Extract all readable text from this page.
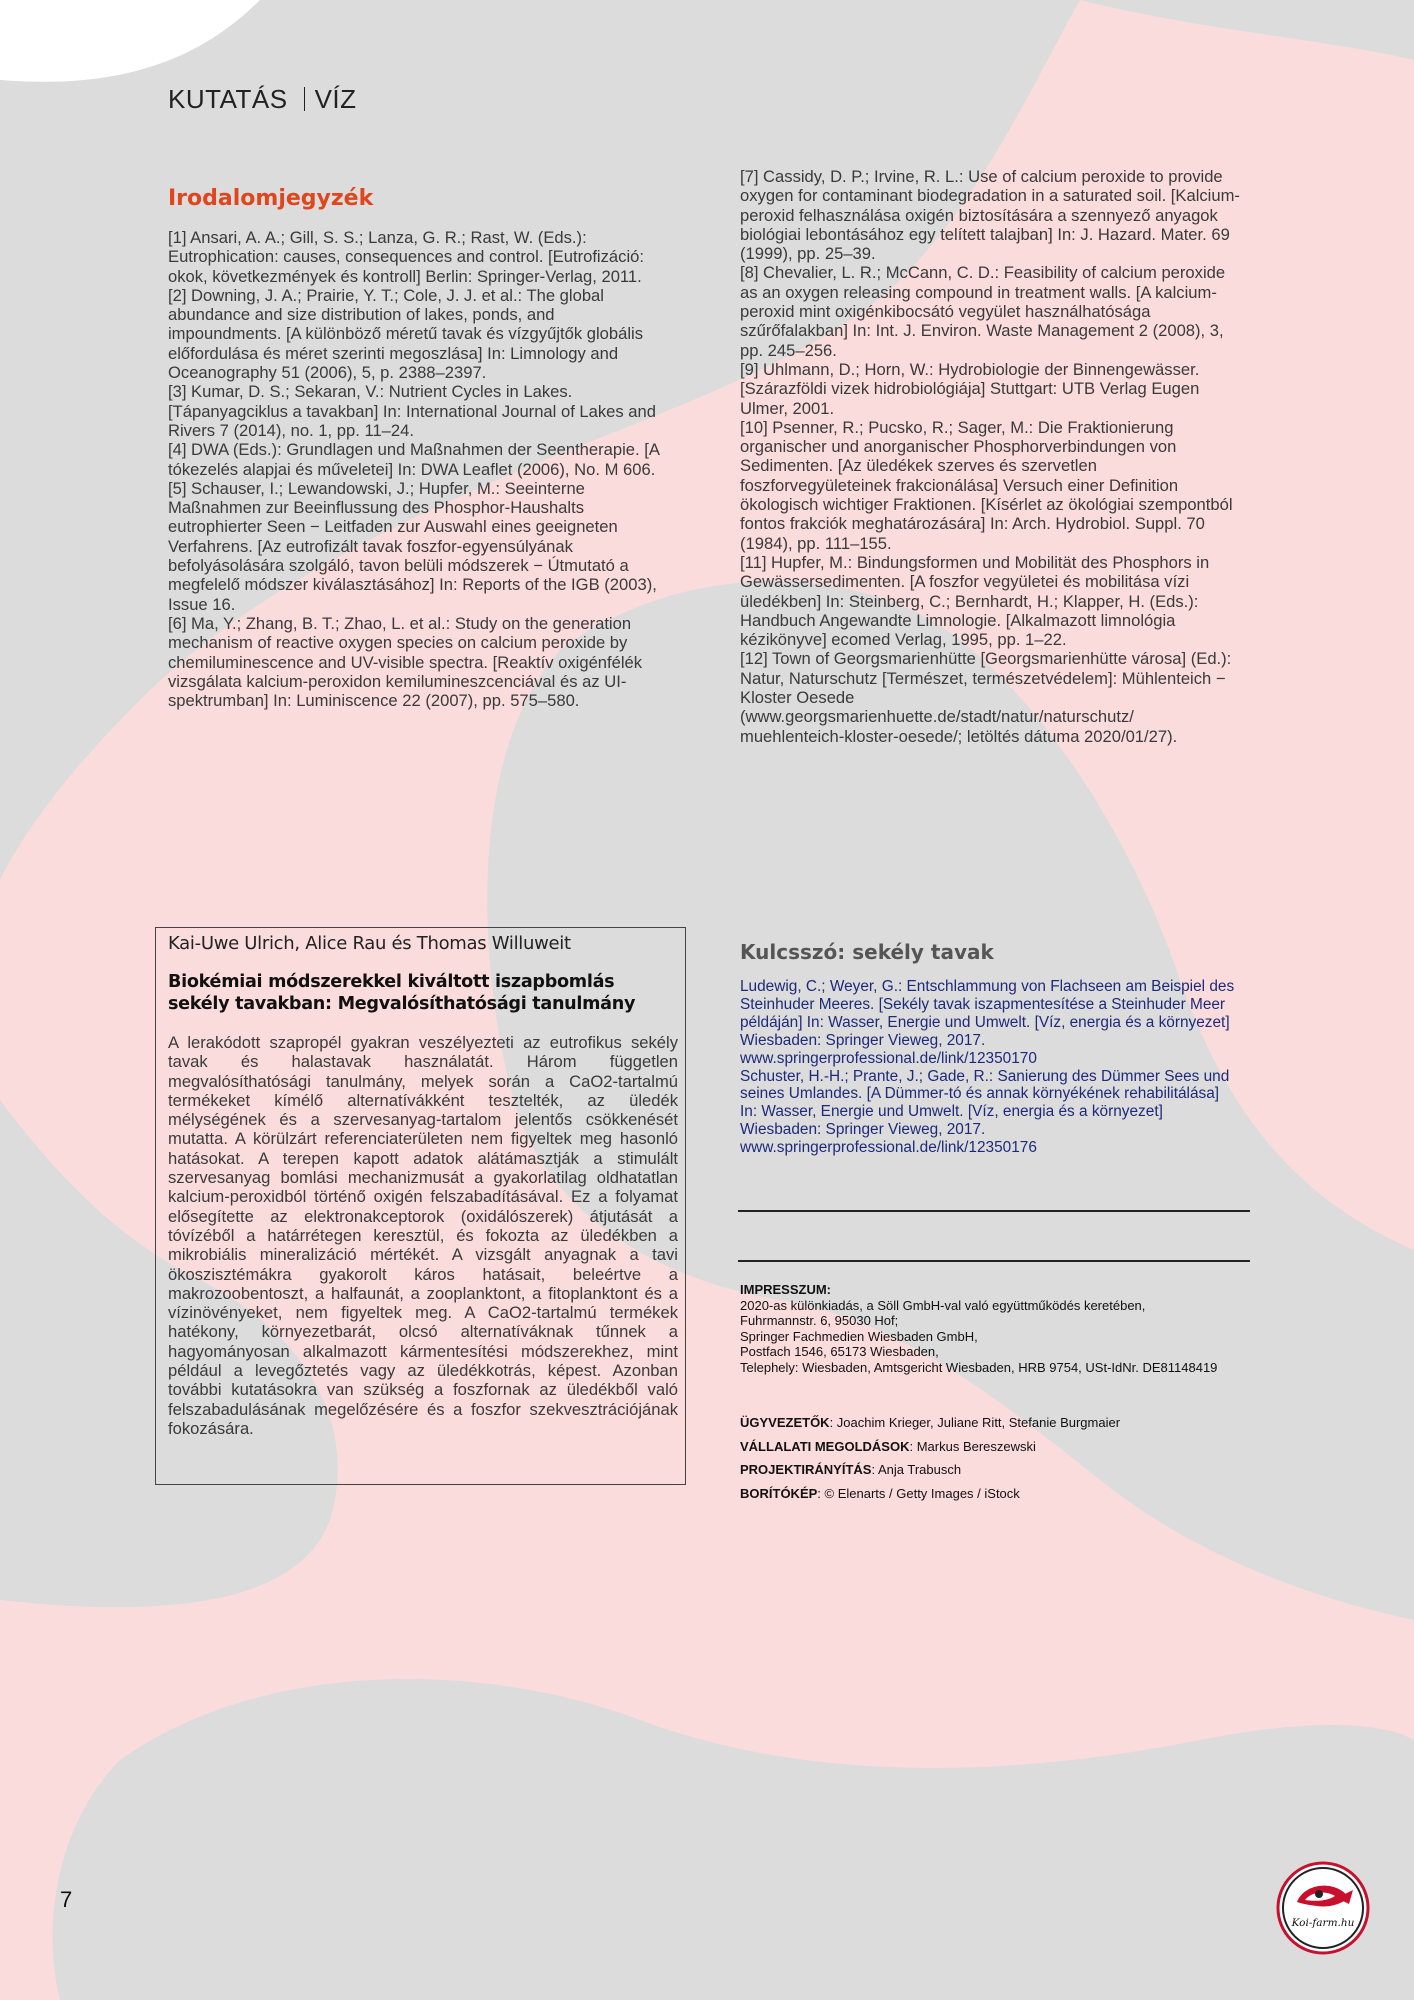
KUTATÁS VÍZ
Irodalomjegyzék

[1] Ansari, A. A.; Gill, S. S.; Lanza, G. R.; Rast, W. (Eds.): Eutrophication: causes, consequences and control. [Eutrofizáció: okok, következmények és kontroll] Berlin: Springer-Verlag, 2011.

[2] Downing, J. A.; Prairie, Y. T.; Cole, J. J. et al.: The global abundance and size distribution of lakes, ponds, and impoundments. [A különböző méretű tavak és vízgyűjtők globális előfordulása és méret szerinti megoszlása] In: Limnology and Oceanography 51 (2006), 5, p. 2388–2397.

[3] Kumar, D. S.; Sekaran, V.: Nutrient Cycles in Lakes. [Tápanyagciklus a tavakban] In: International Journal of Lakes and Rivers 7 (2014), no. 1, pp. 11–24.

[4] DWA (Eds.): Grundlagen und Maßnahmen der Seentherapie. [A tókezelés alapjai és műveletei] In: DWA Leaflet (2006), No. M 606.

[5] Schauser, I.; Lewandowski, J.; Hupfer, M.: Seeinterne Maßnahmen zur Beeinflussung des Phosphor-Haushalts eutrophierter Seen − Leitfaden zur Auswahl eines geeigneten Verfahrens. [Az eutrofizált tavak foszfor-egyensúlyának befolyásolására szolgáló, tavon belüli módszerek − Útmutató a megfelelő módszer kiválasztásához] In: Reports of the IGB (2003), Issue 16.

[6] Ma, Y.; Zhang, B. T.; Zhao, L. et al.: Study on the generation mechanism of reactive oxygen species on calcium peroxide by chemiluminescence and UV-visible spectra. [Reaktív oxigénfélék vizsgálata kalcium-peroxidon kemilumineszcenciával és az UI-spektrumban] In: Luminiscence 22 (2007), pp. 575–580.

[7] Cassidy, D. P.; Irvine, R. L.: Use of calcium peroxide to provide oxygen for contaminant biodegradation in a saturated soil. [Kalcium-peroxid felhasználása oxigén biztosítására a szennyező anyagok biológiai lebontásához egy telített talajban] In: J. Hazard. Mater. 69 (1999), pp. 25–39.

[8] Chevalier, L. R.; McCann, C. D.: Feasibility of calcium peroxide as an oxygen releasing compound in treatment walls. [A kalcium-peroxid mint oxigénkibocsátó vegyület használhatósága szűrőfalakban] In: Int. J. Environ. Waste Management 2 (2008), 3, pp. 245–256.

[9] Uhlmann, D.; Horn, W.: Hydrobiologie der Binnengewässer. [Szárazföldi vizek hidrobiológiája] Stuttgart: UTB Verlag Eugen Ulmer, 2001.

[10] Psenner, R.; Pucsko, R.; Sager, M.: Die Fraktionierung organischer und anorganischer Phosphorverbindungen von Sedimenten. [Az üledékek szerves és szervetlen foszforvegyületeinek frakcionálása] Versuch einer Definition ökologisch wichtiger Fraktionen. [Kísérlet az ökológiai szempontból fontos frakciók meghatározására] In: Arch. Hydrobiol. Suppl. 70 (1984), pp. 111–155.

[11] Hupfer, M.: Bindungsformen und Mobilität des Phosphors in Gewässersedimenten. [A foszfor vegyületei és mobilitása vízi üledékben] In: Steinberg, C.; Bernhardt, H.; Klapper, H. (Eds.): Handbuch Angewandte Limnologie. [Alkalmazott limnológia kézikönyve] ecomed Verlag, 1995, pp. 1–22.

[12] Town of Georgsmarienhütte [Georgsmarienhütte városa] (Ed.): Natur, Naturschutz [Természet, természetvédelem]: Mühlenteich − Kloster Oesede (www.georgsmarienhuette.de/stadt/natur/naturschutz/ muehlenteich-kloster-oesede/; letöltés dátuma 2020/01/27).

Kai-Uwe Ulrich, Alice Rau és Thomas Willuweit
Biokémiai módszerekkel kiváltott iszapbomlás sekély tavakban: Megvalósíthatósági tanulmány

A lerakódott szapropél gyakran veszélyezteti az eutrofikus sekély tavak és halastavak használatát. Három független megvalósíthatósági tanulmány, melyek során a CaO2-tartalmú termékeket kímélő alternatívákként tesztelték, az üledék mélységének és a szervesanyag-tartalom jelentős csökkenését mutatta. A körülzárt referenciaterületen nem figyeltek meg hasonló hatásokat. A terepen kapott adatok alátámasztják a stimulált szervesanyag bomlási mechanizmusát a gyakorlatilag oldhatatlan kalcium-peroxidból történő oxigén felszabadításával. Ez a folyamat elősegítette az elektronakceptorok (oxidálószerek) átjutását a tóvízéből a határrétegen keresztül, és fokozta az üledékben a mikrobiális mineralizáció mértékét. A vizsgált anyagnak a tavi ökoszisztémákra gyakorolt káros hatásait, beleértve a makrozoobentoszt, a halfaunát, a zooplanktont, a fitoplanktont és a vízinövényeket, nem figyeltek meg. A CaO2-tartalmú termékek hatékony, környezetbarát, olcsó alternatíváknak tűnnek a hagyományosan alkalmazott kármentesítési módszerekhez, mint például a levegőztetés vagy az üledékkotrás, képest. Azonban további kutatásokra van szükség a foszfornak az üledékből való felszabadulásának megelőzésére és a foszfor szekvesztrációjának fokozására.

Kulcsszó: sekély tavak

Ludewig, C.; Weyer, G.: Entschlammung von Flachseen am Beispiel des Steinhuder Meeres. [Sekély tavak iszapmentesítése a Steinhuder Meer példáján] In: Wasser, Energie und Umwelt. [Víz, energia és a környezet]

Wiesbaden: Springer Vieweg, 2017. www.springerprofessional.de/link/12350170

Schuster, H.-H.; Prante, J.; Gade, R.: Sanierung des Dümmer Sees und seines Umlandes. [A Dümmer-tó és annak környékének rehabilitálása] In: Wasser, Energie und Umwelt. [Víz, energia és a környezet]

Wiesbaden: Springer Vieweg, 2017. www.springerprofessional.de/link/12350176

IMPRESSZUM:

2020-as különkiadás, a Söll GmbH-val való együttműködés keretében,

Fuhrmannstr. 6, 95030 Hof;

Springer Fachmedien Wiesbaden GmbH,

Postfach 1546, 65173 Wiesbaden,

Telephely: Wiesbaden, Amtsgericht Wiesbaden, HRB 9754, USt-IdNr. DE81148419

ÜGYVEZETŐK: Joachim Krieger, Juliane Ritt, Stefanie Burgmaier

VÁLLALATI MEGOLDÁSOK: Markus Bereszewski

PROJEKTIRÁNYÍTÁS: Anja Trabusch

BORÍTÓKÉP: © Elenarts / Getty Images / iStock

7
Koi-farm.hu
